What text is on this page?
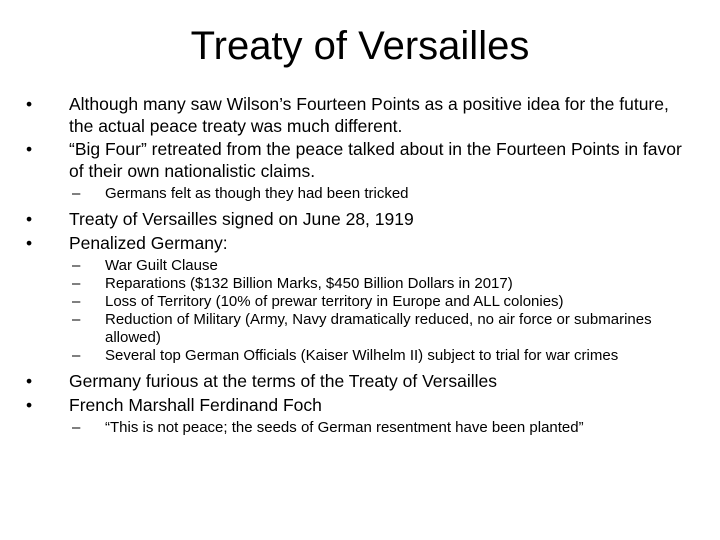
Treaty of Versailles
•	Although many saw Wilson’s Fourteen Points as a positive idea for the future, the actual peace treaty was much different.
•	“Big Four” retreated from the peace talked about in the Fourteen Points in favor of their own nationalistic claims.
– Germans felt as though they had been tricked
•	Treaty of Versailles signed on June 28, 1919
•	Penalized Germany:
– War Guilt Clause
– Reparations ($132 Billion Marks, $450 Billion Dollars in 2017)
– Loss of Territory (10% of prewar territory in Europe and ALL colonies)
– Reduction of Military (Army, Navy dramatically reduced, no air force or submarines allowed)
– Several top German Officials (Kaiser Wilhelm II) subject to trial for war crimes
•	Germany furious at the terms of the Treaty of Versailles
•	French Marshall Ferdinand Foch
– “This is not peace; the seeds of German resentment have been planted”
